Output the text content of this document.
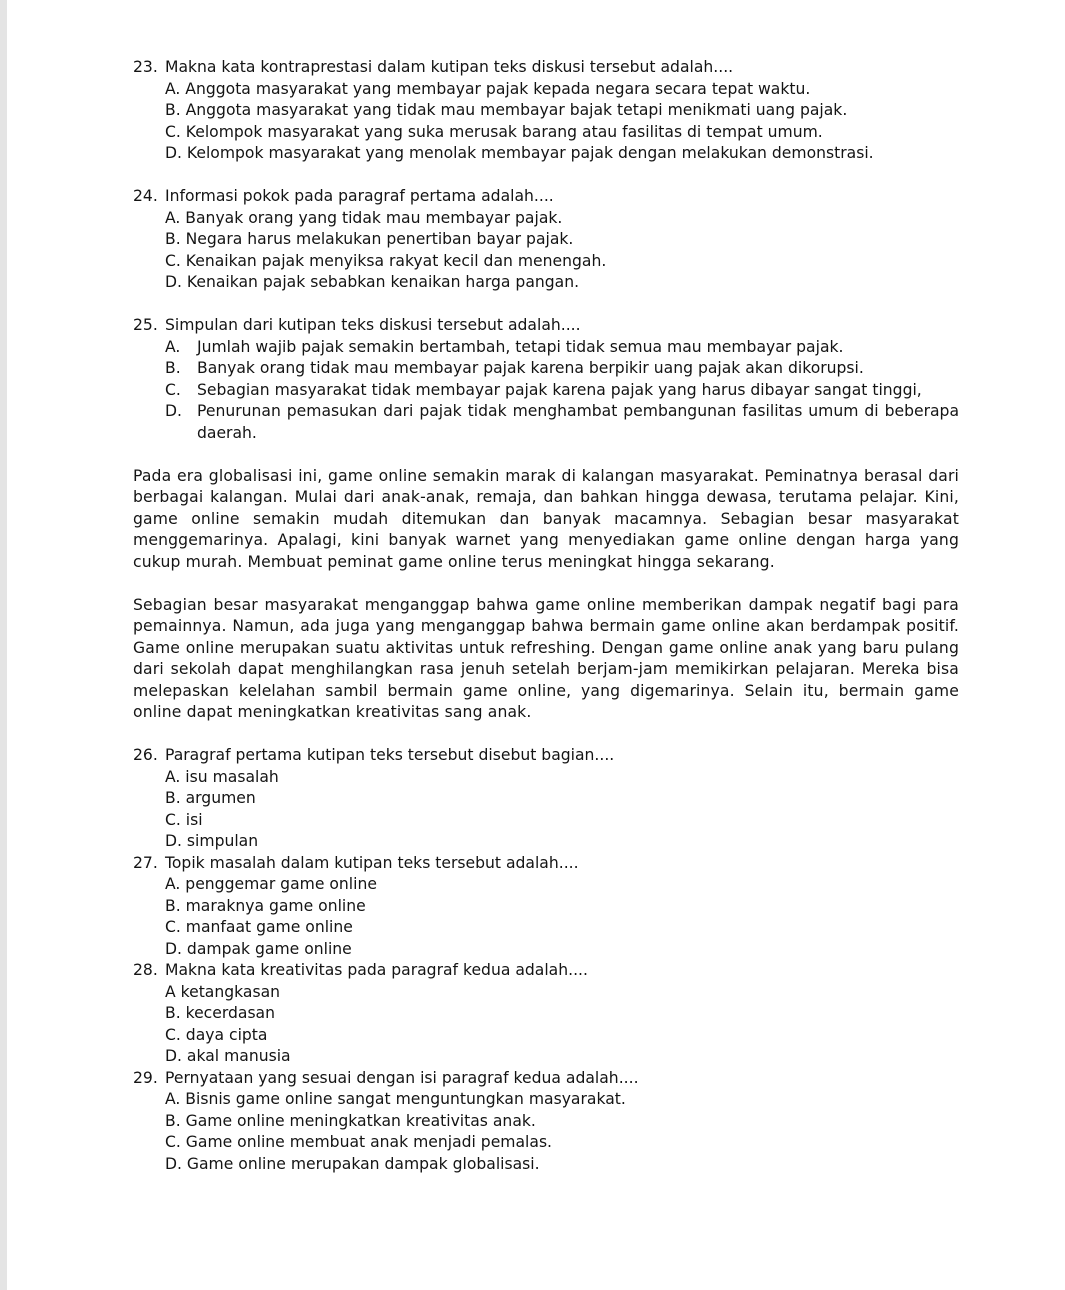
23. Makna kata kontraprestasi dalam kutipan teks diskusi tersebut adalah....
A. Anggota masyarakat yang membayar pajak kepada negara secara tepat waktu.
B. Anggota masyarakat yang tidak mau membayar bajak tetapi menikmati uang pajak.
C. Kelompok masyarakat yang suka merusak barang atau fasilitas di tempat umum.
D. Kelompok masyarakat yang menolak membayar pajak dengan melakukan demonstrasi.
24. Informasi pokok pada paragraf pertama adalah....
A. Banyak orang yang tidak mau membayar pajak.
B. Negara harus melakukan penertiban bayar pajak.
C. Kenaikan pajak menyiksa rakyat kecil dan menengah.
D. Kenaikan pajak sebabkan kenaikan harga pangan.
25. Simpulan dari kutipan teks diskusi tersebut adalah....
A.	Jumlah wajib pajak semakin bertambah, tetapi tidak semua mau membayar pajak.
B.	Banyak orang tidak mau membayar pajak karena berpikir uang pajak akan dikorupsi.
C.	Sebagian masyarakat tidak membayar pajak karena pajak yang harus dibayar sangat tinggi,
D. Penurunan pemasukan dari pajak tidak menghambat pembangunan fasilitas umum di beberapa daerah.

Pada era globalisasi ini, game online semakin marak di kalangan masyarakat. Peminatnya berasal dari berbagai kalangan. Mulai dari anak-anak, remaja, dan bahkan hingga dewasa, terutama pelajar. Kini, game online semakin mudah ditemukan dan banyak macamnya. Sebagian besar masyarakat menggemarinya. Apalagi, kini banyak warnet yang menyediakan game online dengan harga yang cukup murah. Membuat peminat game online terus meningkat hingga sekarang.

Sebagian besar masyarakat menganggap bahwa game online memberikan dampak negatif bagi para pemainnya. Namun, ada juga yang menganggap bahwa bermain game online akan berdampak positif. Game online merupakan suatu aktivitas untuk refreshing. Dengan game online anak yang baru pulang dari sekolah dapat menghilangkan rasa jenuh setelah berjam-jam memikirkan pelajaran. Mereka bisa melepaskan kelelahan sambil bermain game online, yang digemarinya. Selain itu, bermain game online dapat meningkatkan kreativitas sang anak.

26. Paragraf pertama kutipan teks tersebut disebut bagian....
A. isu masalah
B. argumen
C. isi
D. simpulan
27. Topik masalah dalam kutipan teks tersebut adalah....
A. penggemar game online
B. maraknya game online
C. manfaat game online
D. dampak game online
28. Makna kata kreativitas pada paragraf kedua adalah....
A ketangkasan
B. kecerdasan
C. daya cipta
D. akal manusia
29. Pernyataan yang sesuai dengan isi paragraf kedua adalah....
A. Bisnis game online sangat menguntungkan masyarakat.
B. Game online meningkatkan kreativitas anak.
C. Game online membuat anak menjadi pemalas.
D. Game online merupakan dampak globalisasi.
